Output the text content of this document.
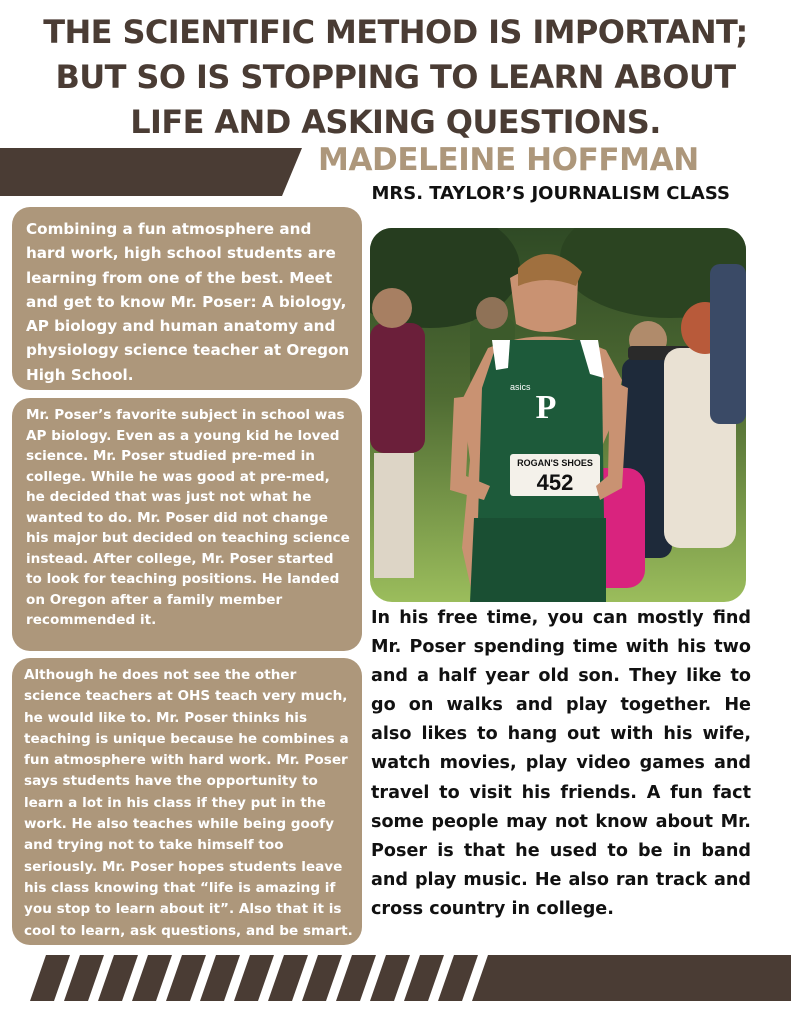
THE SCIENTIFIC METHOD IS IMPORTANT; BUT SO IS STOPPING TO LEARN ABOUT LIFE AND ASKING QUESTIONS.
MADELEINE HOFFMAN
MRS. TAYLOR’S JOURNALISM CLASS

Combining a fun atmosphere and hard work, high school students are learning from one of the best. Meet and get to know Mr. Poser: A biology, AP biology and human anatomy and physiology science teacher at Oregon High School.

Mr. Poser’s favorite subject in school was AP biology. Even as a young kid he loved science. Mr. Poser studied pre-med in college. While he was good at pre-med, he decided that was just not what he wanted to do. Mr. Poser did not change his major but decided on teaching science instead. After college, Mr. Poser started to look for teaching positions. He landed on Oregon after a family member recommended it.

Although he does not see the other science teachers at OHS teach very much, he would like to. Mr. Poser thinks his teaching is unique because he combines a fun atmosphere with hard work. Mr. Poser says students have the opportunity to learn a lot in his class if they put in the work. He also teaches while being goofy and trying not to take himself too seriously. Mr. Poser hopes students leave his class knowing that “life is amazing if you stop to learn about it”. Also that it is cool to learn, ask questions, and be smart.

P
asics
ROGAN'S SHOES
452

In his free time, you can mostly find Mr. Poser spending time with his two and a half year old son. They like to go on walks and play together. He also likes to hang out with his wife, watch movies, play video games and travel to visit his friends. A fun fact some people may not know about Mr. Poser is that he used to be in band and play music. He also ran track and cross country in college.
